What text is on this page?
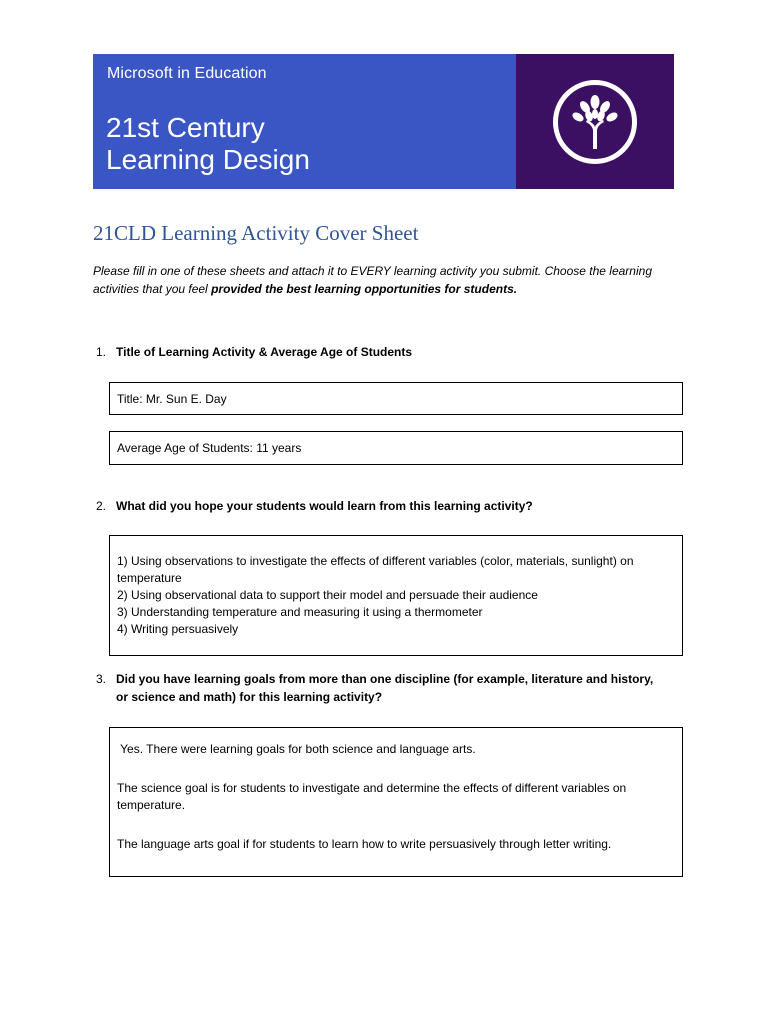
Microsoft in Education
21st Century
Learning Design
21CLD Learning Activity Cover Sheet
Please fill in one of these sheets and attach it to EVERY learning activity you submit. Choose the learning activities that you feel provided the best learning opportunities for students.
1. Title of Learning Activity & Average Age of Students

Title: Mr. Sun E. Day

Average Age of Students: 11 years

2. What did you hope your students would learn from this learning activity?

1) Using observations to investigate the effects of different variables (color, materials, sunlight) on temperature

2) Using observational data to support their model and persuade their audience

3) Understanding temperature and measuring it using a thermometer

4) Writing persuasively

3. Did you have learning goals from more than one discipline (for example, literature and history, or science and math) for this learning activity?

Yes. There were learning goals for both science and language arts.

The science goal is for students to investigate and determine the effects of different variables on temperature.

The language arts goal if for students to learn how to write persuasively through letter writing.
